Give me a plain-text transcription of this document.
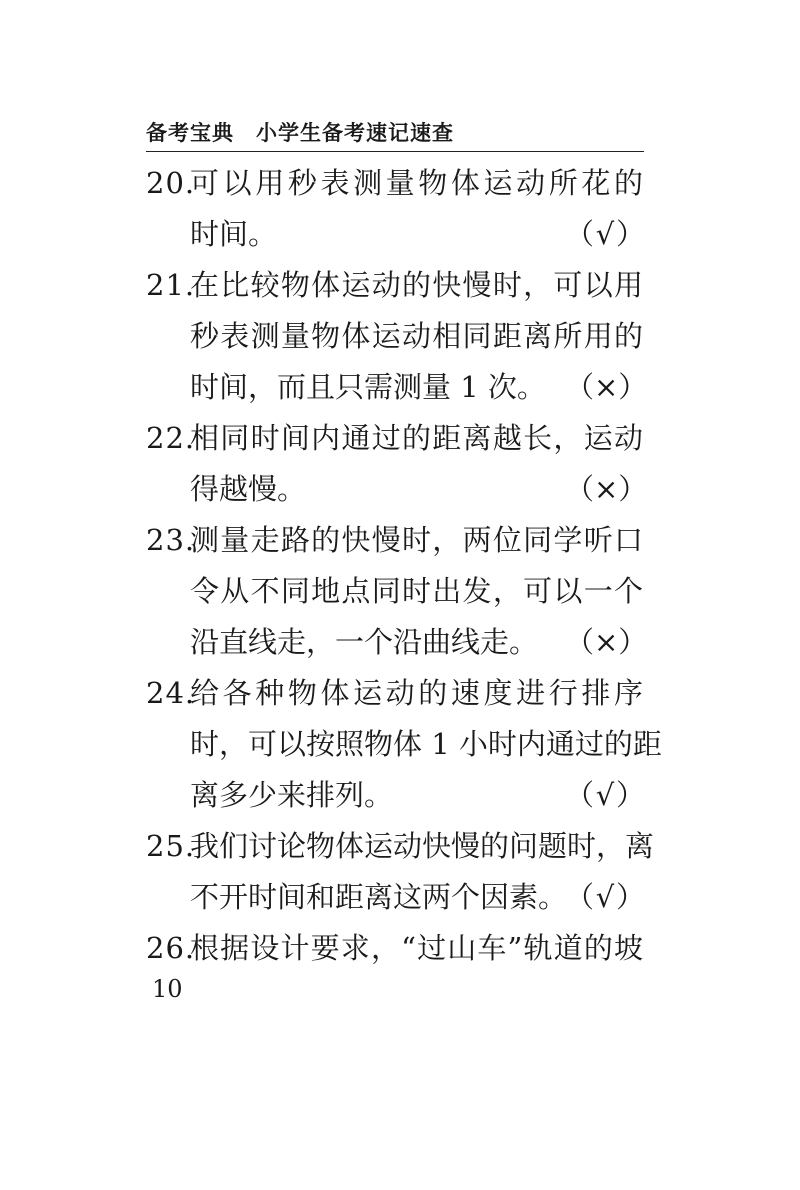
备考宝典 小学生备考速记速查
20.
可以用秒表测量物体运动所花的
时间。	（√）
21.
在比较物体运动的快慢时，可以用
秒表测量物体运动相同距离所用的
时间，而且只需测量 1 次。 （×）
22.
相同时间内通过的距离越长，运动
得越慢。	（×）
23.
测量走路的快慢时，两位同学听口
令从不同地点同时出发，可以一个
沿直线走，一个沿曲线走。 （×）
24.
给各种物体运动的速度进行排序
时，可以按照物体 1 小时内通过的距
离多少来排列。	（√）
25.
我们讨论物体运动快慢的问题时，离
不开时间和距离这两个因素。
（√）
26.
根据设计要求，“过山车”轨道的坡
10
